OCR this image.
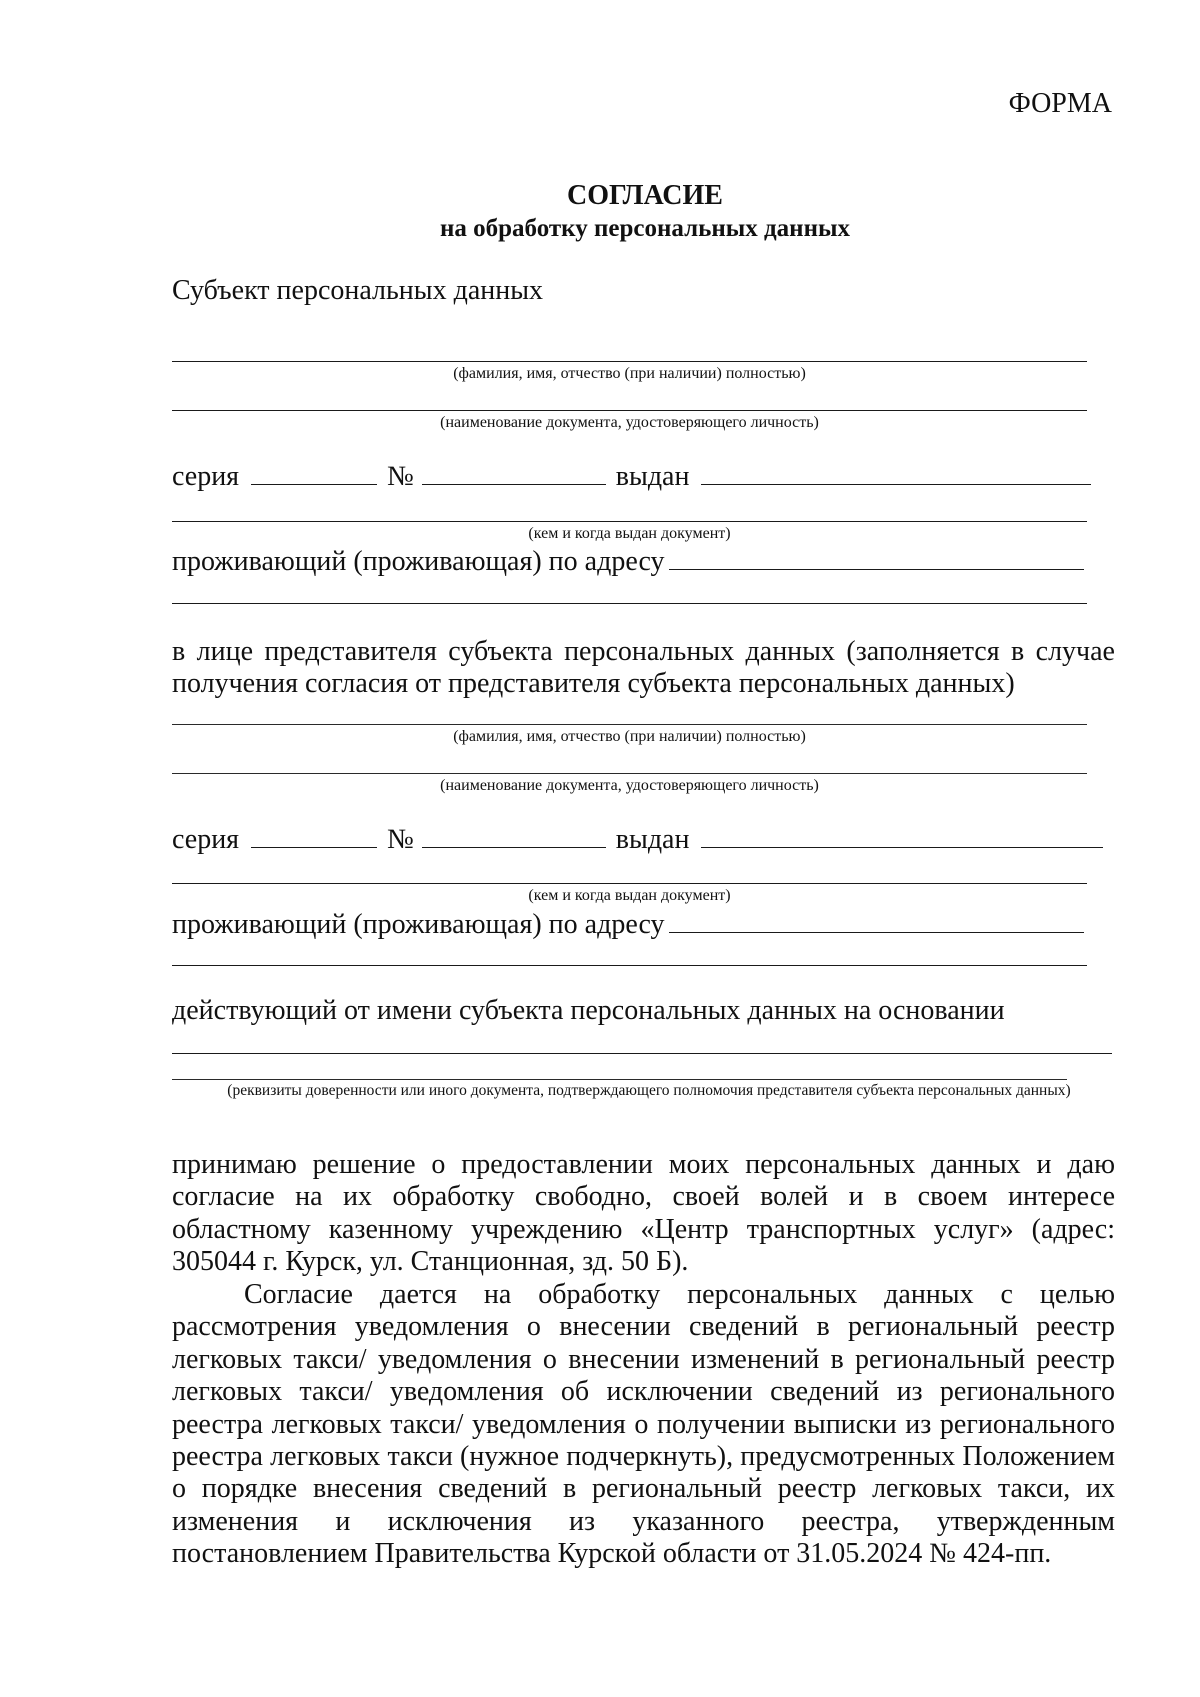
ФОРМА
СОГЛАСИЕ
на обработку персональных данных
Субъект персональных данных
(фамилия, имя, отчество (при наличии) полностью)
(наименование документа, удостоверяющего личность)
серия	№	выдан
(кем и когда выдан документ)
проживающий (проживающая) по адресу
в лице представителя субъекта персональных данных (заполняется в случае получения согласия от представителя субъекта персональных данных)
(фамилия, имя, отчество (при наличии) полностью)
(наименование документа, удостоверяющего личность)
серия	№	выдан
(кем и когда выдан документ)
проживающий (проживающая) по адресу
действующий от имени субъекта персональных данных на основании
(реквизиты доверенности или иного документа, подтверждающего полномочия представителя субъекта персональных данных)
принимаю решение о предоставлении моих персональных данных и даю согласие на их обработку свободно, своей волей и в своем интересе областному казенному учреждению «Центр транспортных услуг» (адрес: 305044 г. Курск, ул. Станционная, зд. 50 Б).
Согласие дается на обработку персональных данных с целью рассмотрения уведомления о внесении сведений в региональный реестр легковых такси/ уведомления о внесении изменений в региональный реестр легковых такси/ уведомления об исключении сведений из регионального реестра легковых такси/ уведомления о получении выписки из регионального реестра легковых такси (нужное подчеркнуть), предусмотренных Положением о порядке внесения сведений в региональный реестр легковых такси, их изменения и исключения из указанного реестра, утвержденным постановлением Правительства Курской области от 31.05.2024 № 424-пп.
